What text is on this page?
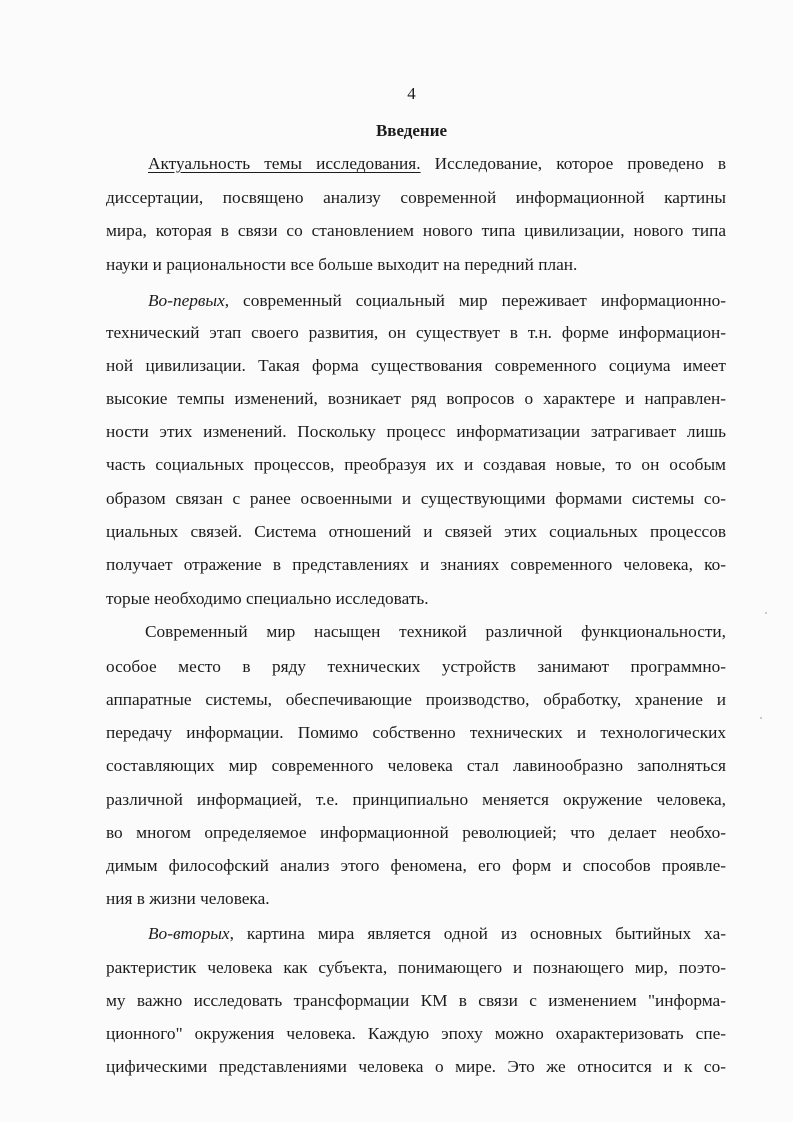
4
Введение
Актуальность темы исследования. Исследование, которое проведено в
диссертации, посвящено анализу современной информационной картины
мира, которая в связи со становлением нового типа цивилизации, нового типа
науки и рациональности все больше выходит на передний план.
Во-первых, современный социальный мир переживает информационно-
технический этап своего развития, он существует в т.н. форме информацион-
ной цивилизации. Такая форма существования современного социума имеет
высокие темпы изменений, возникает ряд вопросов о характере и направлен-
ности этих изменений. Поскольку процесс информатизации затрагивает лишь
часть социальных процессов, преобразуя их и создавая новые, то он особым
образом связан с ранее освоенными и существующими формами системы со-
циальных связей. Система отношений и связей этих социальных процессов
получает отражение в представлениях и знаниях современного человека, ко-
торые необходимо специально исследовать.
Современный мир насыщен техникой различной функциональности,
особое место в ряду технических устройств занимают программно-
аппаратные системы, обеспечивающие производство, обработку, хранение и
передачу информации. Помимо собственно технических и технологических
составляющих мир современного человека стал лавинообразно заполняться
различной информацией, т.е. принципиально меняется окружение человека,
во многом определяемое информационной революцией; что делает необхо-
димым философский анализ этого феномена, его форм и способов проявле-
ния в жизни человека.
Во-вторых, картина мира является одной из основных бытийных ха-
рактеристик человека как субъекта, понимающего и познающего мир, поэто-
му важно исследовать трансформации КМ в связи с изменением "информа-
ционного" окружения человека. Каждую эпоху можно охарактеризовать спе-
цифическими представлениями человека о мире. Это же относится и к со-
